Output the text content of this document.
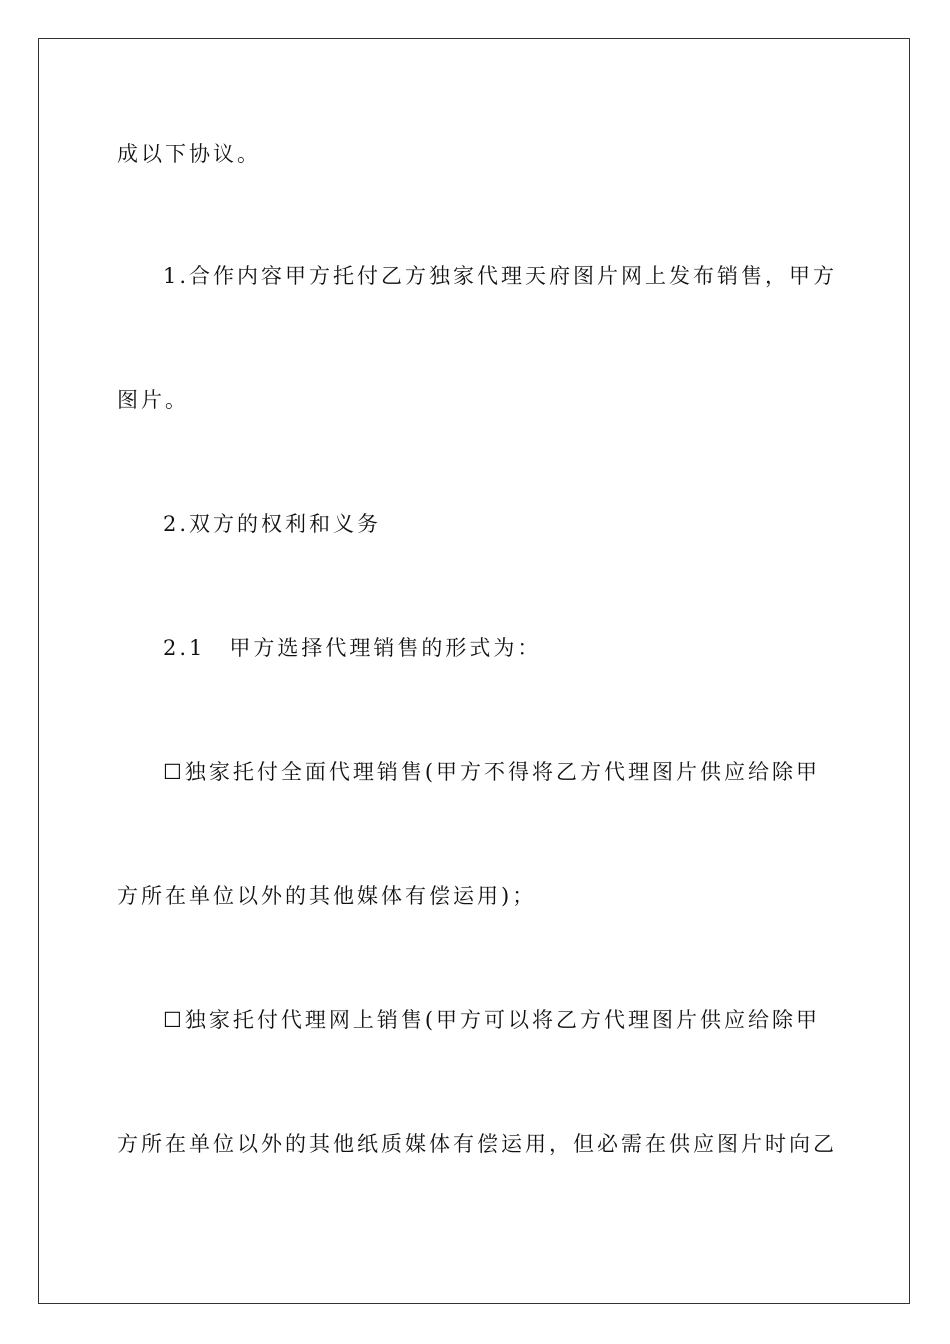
成以下协议。
1.合作内容甲方托付乙方独家代理天府图片网上发布销售，甲方
图片。
2.双方的权利和义务
2.1　甲方选择代理销售的形式为：
☐独家托付全面代理销售(甲方不得将乙方代理图片供应给除甲
方所在单位以外的其他媒体有偿运用)；
☐独家托付代理网上销售(甲方可以将乙方代理图片供应给除甲
方所在单位以外的其他纸质媒体有偿运用，但必需在供应图片时向乙
